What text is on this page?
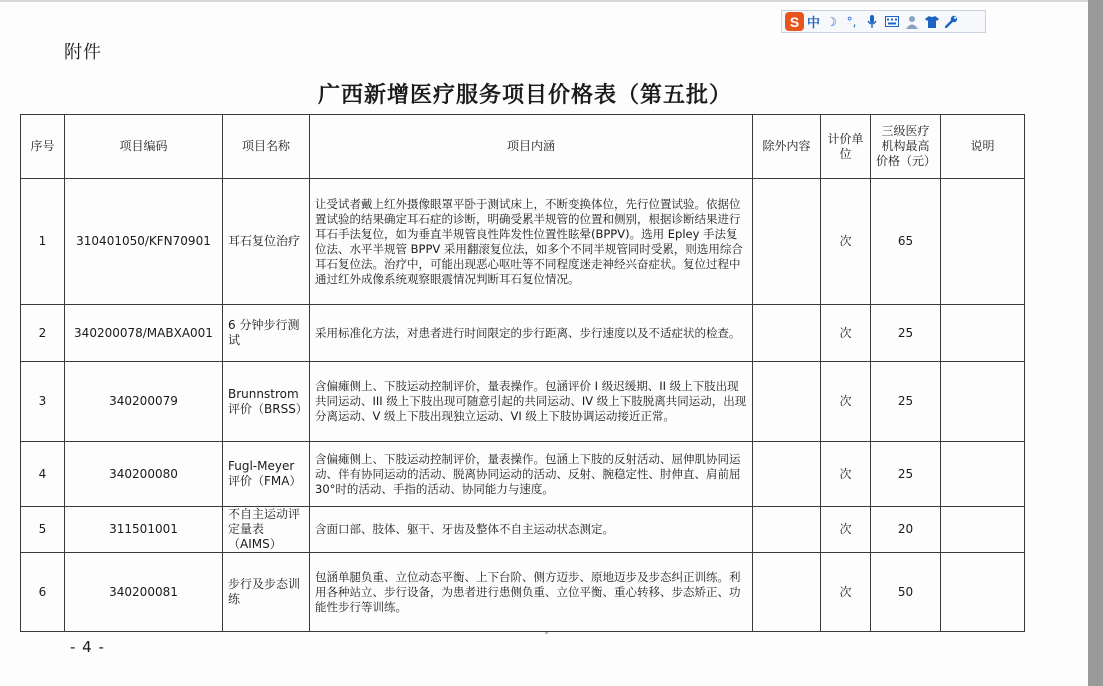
S 中 ☽ °,
附件
广西新增医疗服务项目价格表（第五批）
序号	项目编码	项目名称	项目内涵	除外内容	计价单位	三级医疗机构最高价格（元）	说明
1	310401050/KFN70901	耳石复位治疗	让受试者戴上红外摄像眼罩平卧于测试床上，不断变换体位，先行位置试验。依据位置试验的结果确定耳石症的诊断，明确受累半规管的位置和侧别，根据诊断结果进行耳石手法复位，如为垂直半规管良性阵发性位置性眩晕(BPPV)。选用 Epley 手法复位法、水平半规管 BPPV 采用翻滚复位法，如多个不同半规管同时受累，则选用综合耳石复位法。治疗中，可能出现恶心呕吐等不同程度迷走神经兴奋症状。复位过程中通过红外成像系统观察眼震情况判断耳石复位情况。		次	65	
2	340200078/MABXA001	6 分钟步行测试	采用标准化方法，对患者进行时间限定的步行距离、步行速度以及不适症状的检查。		次	25	
3	340200079	Brunnstrom 评价（BRSS）	含偏瘫侧上、下肢运动控制评价，量表操作。包涵评价 I 级迟缓期、II 级上下肢出现共同运动、III 级上下肢出现可随意引起的共同运动、IV 级上下肢脱离共同运动，出现分离运动、V 级上下肢出现独立运动、VI 级上下肢协调运动接近正常。		次	25	
4	340200080	Fugl-Meyer 评价（FMA）	含偏瘫侧上、下肢运动控制评价，量表操作。包涵上下肢的反射活动、屈伸肌协同运动、伴有协同运动的活动、脱离协同运动的活动、反射、腕稳定性、肘伸直、肩前屈 30°时的活动、手指的活动、协同能力与速度。		次	25	
5	311501001	不自主运动评定量表（AIMS）	含面口部、肢体、躯干、牙齿及整体不自主运动状态测定。		次	20	
6	340200081	步行及步态训练	包涵单腿负重、立位动态平衡、上下台阶、侧方迈步、原地迈步及步态纠正训练。利用各种站立、步行设备，为患者进行患侧负重、立位平衡、重心转移、步态矫正、功能性步行等训练。		次	50	
- 4 -
